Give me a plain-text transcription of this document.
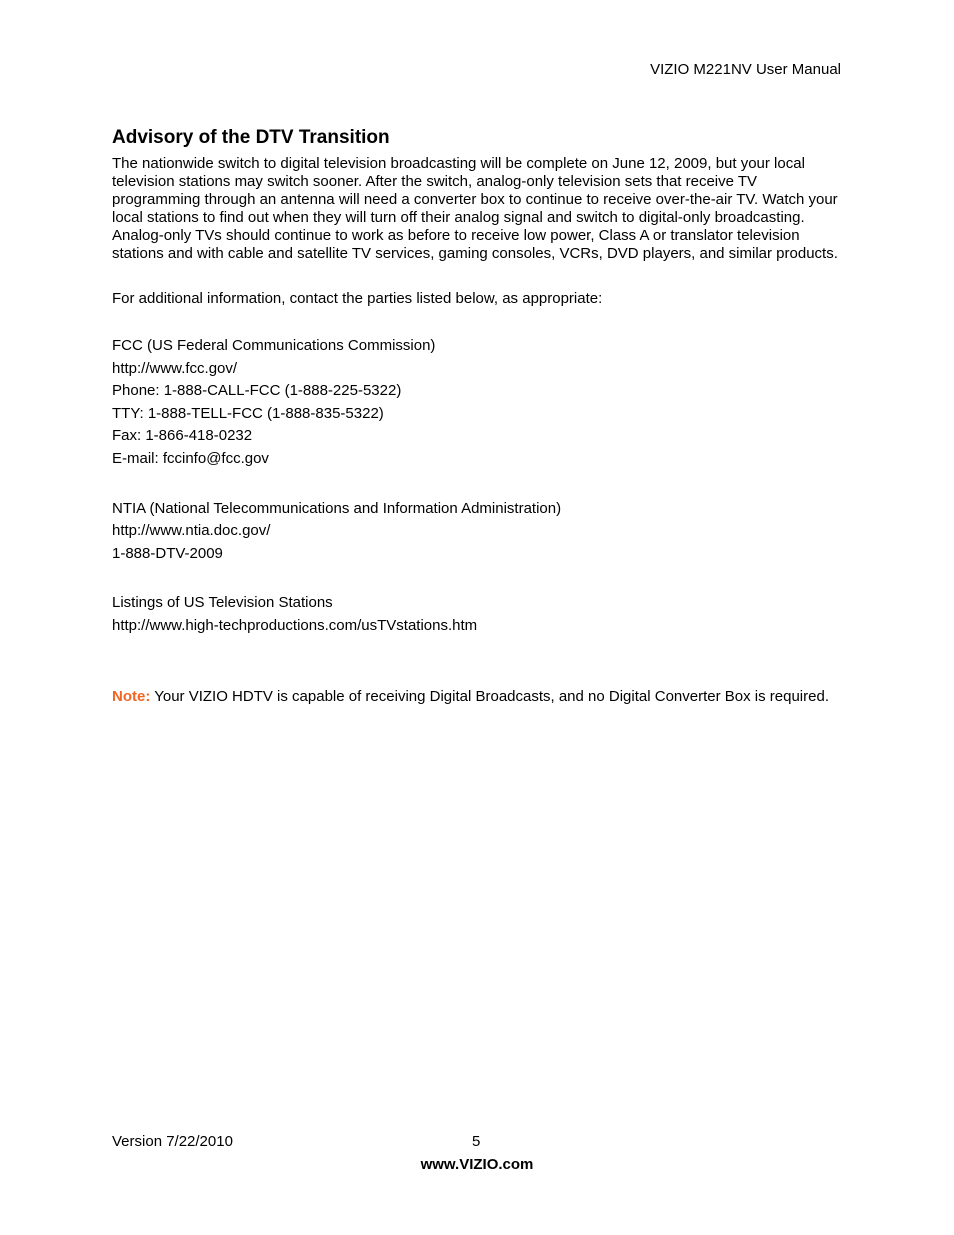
VIZIO M221NV User Manual
Advisory of the DTV Transition

The nationwide switch to digital television broadcasting will be complete on June 12, 2009, but your local television stations may switch sooner. After the switch, analog-only television sets that receive TV programming through an antenna will need a converter box to continue to receive over-the-air TV. Watch your local stations to find out when they will turn off their analog signal and switch to digital-only broadcasting. Analog-only TVs should continue to work as before to receive low power, Class A or translator television stations and with cable and satellite TV services, gaming consoles, VCRs, DVD players, and similar products.

For additional information, contact the parties listed below, as appropriate:

FCC (US Federal Communications Commission)
http://www.fcc.gov/
Phone: 1-888-CALL-FCC (1-888-225-5322)
TTY: 1-888-TELL-FCC (1-888-835-5322)
Fax: 1-866-418-0232
E-mail: fccinfo@fcc.gov
NTIA (National Telecommunications and Information Administration)
http://www.ntia.doc.gov/
1-888-DTV-2009
Listings of US Television Stations
http://www.high-techproductions.com/usTVstations.htm

Note: Your VIZIO HDTV is capable of receiving Digital Broadcasts, and no Digital Converter Box is required.

Version 7/22/2010	5
www.VIZIO.com
